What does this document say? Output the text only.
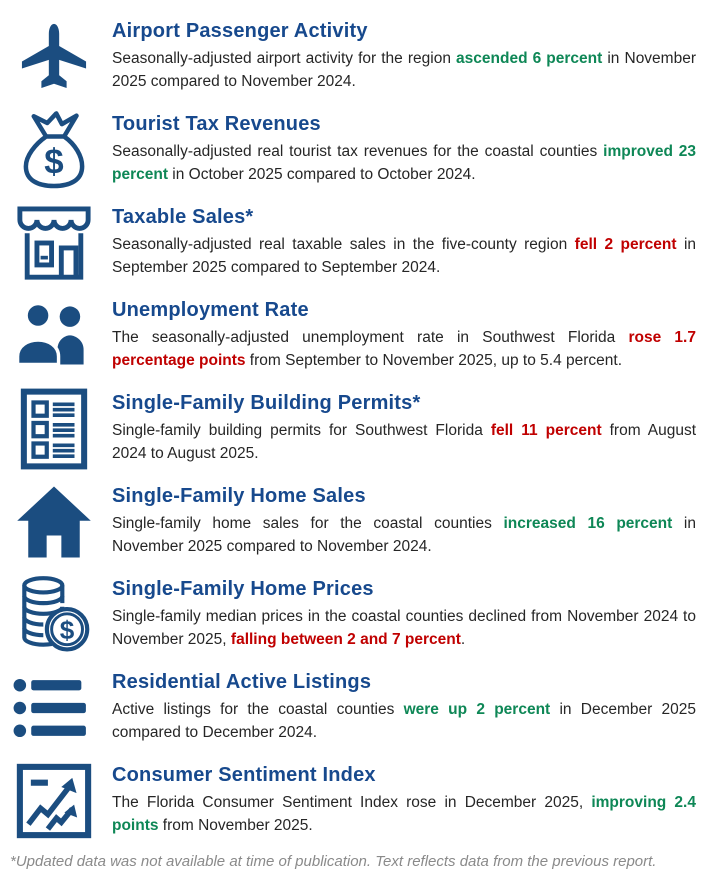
Airport Passenger Activity

Seasonally-adjusted airport activity for the region ascended 6 percent in November 2025 compared to November 2024.

$
Tourist Tax Revenues

Seasonally-adjusted real tourist tax revenues for the coastal counties improved 23 percent in October 2025 compared to October 2024.

Taxable Sales*

Seasonally-adjusted real taxable sales in the five-county region fell 2 percent in September 2025 compared to September 2024.

Unemployment Rate

The seasonally-adjusted unemployment rate in Southwest Florida rose 1.7 percentage points from September to November 2025, up to 5.4 percent.

Single-Family Building Permits*

Single-family building permits for Southwest Florida fell 11 percent from August 2024 to August 2025.

Single-Family Home Sales

Single-family home sales for the coastal counties increased 16 percent in November 2025 compared to November 2024.

$
Single-Family Home Prices

Single-family median prices in the coastal counties declined from November 2024 to November 2025, falling between 2 and 7 percent.

Residential Active Listings

Active listings for the coastal counties were up 2 percent in December 2025 compared to December 2024.

Consumer Sentiment Index

The Florida Consumer Sentiment Index rose in December 2025, improving 2.4 points from November 2025.

*Updated data was not available at time of publication. Text reflects data from the previous report.
